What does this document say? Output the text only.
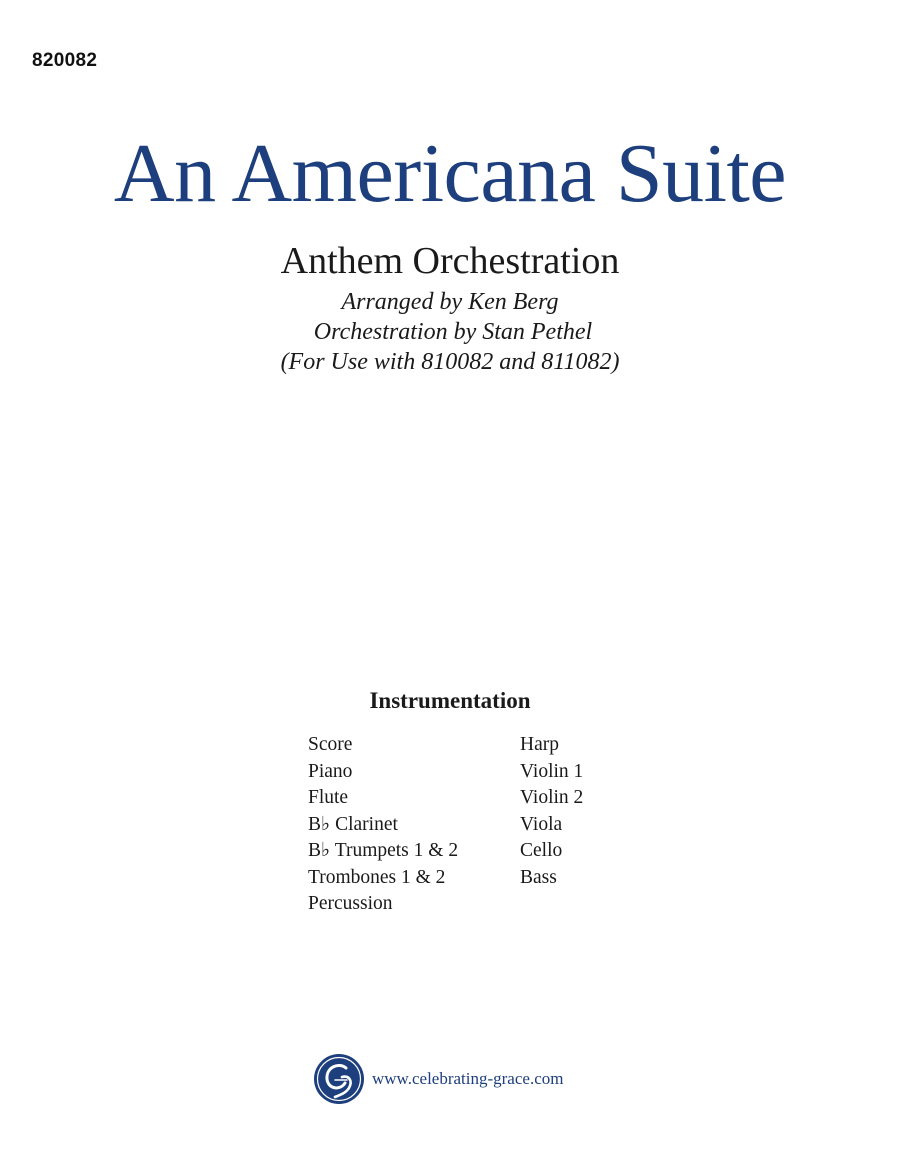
820082
An Americana Suite
Anthem Orchestration
Arranged by Ken Berg
Orchestration by Stan Pethel
(For Use with 810082 and 811082)
Instrumentation
Score
Piano
Flute
B♭ Clarinet
B♭ Trumpets 1 & 2
Trombones 1 & 2
Percussion
Harp
Violin 1
Violin 2
Viola
Cello
Bass
www.celebrating-grace.com
